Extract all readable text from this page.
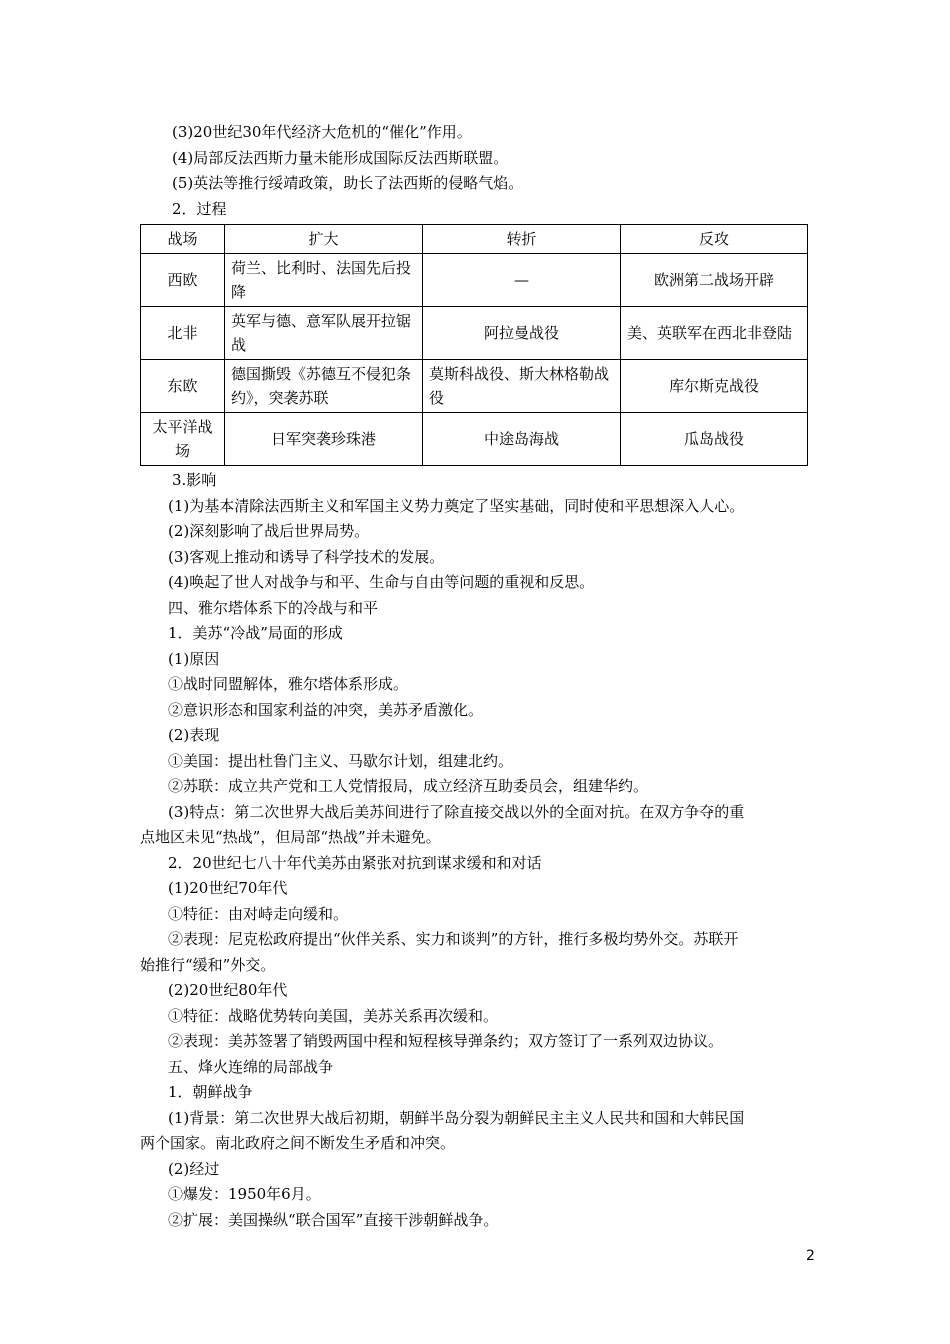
(3)20世纪30年代经济大危机的“催化”作用。
(4)局部反法西斯力量未能形成国际反法西斯联盟。
(5)英法等推行绥靖政策，助长了法西斯的侵略气焰。
2．过程
战场	扩大	转折	反攻
西欧	荷兰、比利时、法国先后投降	—	欧洲第二战场开辟
北非	英军与德、意军队展开拉锯战	阿拉曼战役	美、英联军在西北非登陆
东欧	德国撕毁《苏德互不侵犯条约》，突袭苏联	莫斯科战役、斯大林格勒战役	库尔斯克战役
太平洋战场	日军突袭珍珠港	中途岛海战	瓜岛战役
3.影响
(1)为基本清除法西斯主义和军国主义势力奠定了坚实基础，同时使和平思想深入人心。
(2)深刻影响了战后世界局势。
(3)客观上推动和诱导了科学技术的发展。
(4)唤起了世人对战争与和平、生命与自由等问题的重视和反思。
四、雅尔塔体系下的冷战与和平
1．美苏“冷战”局面的形成
(1)原因
①战时同盟解体，雅尔塔体系形成。
②意识形态和国家利益的冲突，美苏矛盾激化。
(2)表现
①美国：提出杜鲁门主义、马歇尔计划，组建北约。
②苏联：成立共产党和工人党情报局，成立经济互助委员会，组建华约。
(3)特点：第二次世界大战后美苏间进行了除直接交战以外的全面对抗。在双方争夺的重
点地区未见“热战”，但局部“热战”并未避免。
2．20世纪七八十年代美苏由紧张对抗到谋求缓和和对话
(1)20世纪70年代
①特征：由对峙走向缓和。
②表现：尼克松政府提出“伙伴关系、实力和谈判”的方针，推行多极均势外交。苏联开
始推行“缓和”外交。
(2)20世纪80年代
①特征：战略优势转向美国，美苏关系再次缓和。
②表现：美苏签署了销毁两国中程和短程核导弹条约；双方签订了一系列双边协议。
五、烽火连绵的局部战争
1．朝鲜战争
(1)背景：第二次世界大战后初期，朝鲜半岛分裂为朝鲜民主主义人民共和国和大韩民国
两个国家。南北政府之间不断发生矛盾和冲突。
(2)经过
①爆发：1950年6月。
②扩展：美国操纵“联合国军”直接干涉朝鲜战争。
2
